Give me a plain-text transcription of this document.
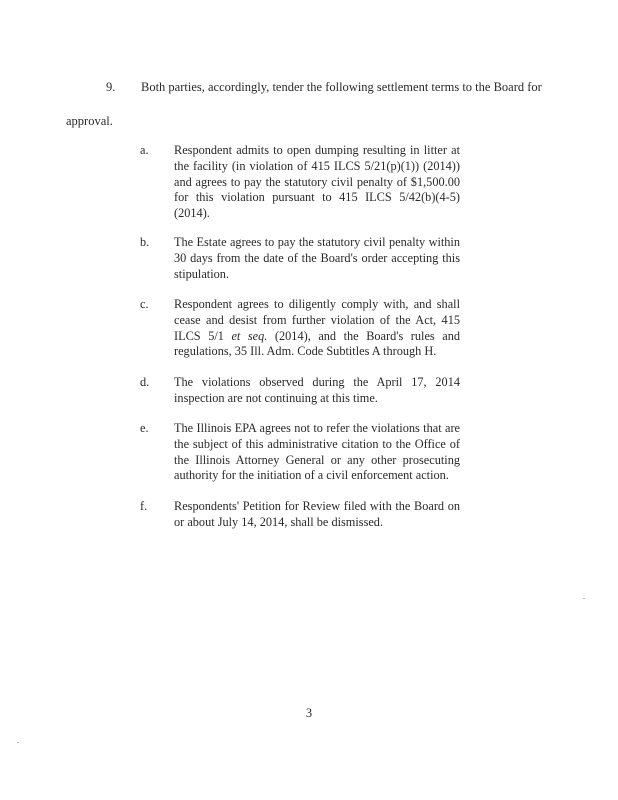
9. Both parties, accordingly, tender the following settlement terms to the Board for
approval.
a. Respondent admits to open dumping resulting in litter at the facility (in violation of 415 ILCS 5/21(p)(1)) (2014)) and agrees to pay the statutory civil penalty of $1,500.00 for this violation pursuant to 415 ILCS 5/42(b)(4-5) (2014).
b. The Estate agrees to pay the statutory civil penalty within 30 days from the date of the Board's order accepting this stipulation.
c. Respondent agrees to diligently comply with, and shall cease and desist from further violation of the Act, 415 ILCS 5/1 et seq. (2014), and the Board's rules and regulations, 35 Ill. Adm. Code Subtitles A through H.
d. The violations observed during the April 17, 2014 inspection are not continuing at this time.
e. The Illinois EPA agrees not to refer the violations that are the subject of this administrative citation to the Office of the Illinois Attorney General or any other prosecuting authority for the initiation of a civil enforcement action.
f. Respondents' Petition for Review filed with the Board on or about July 14, 2014, shall be dismissed.
3
